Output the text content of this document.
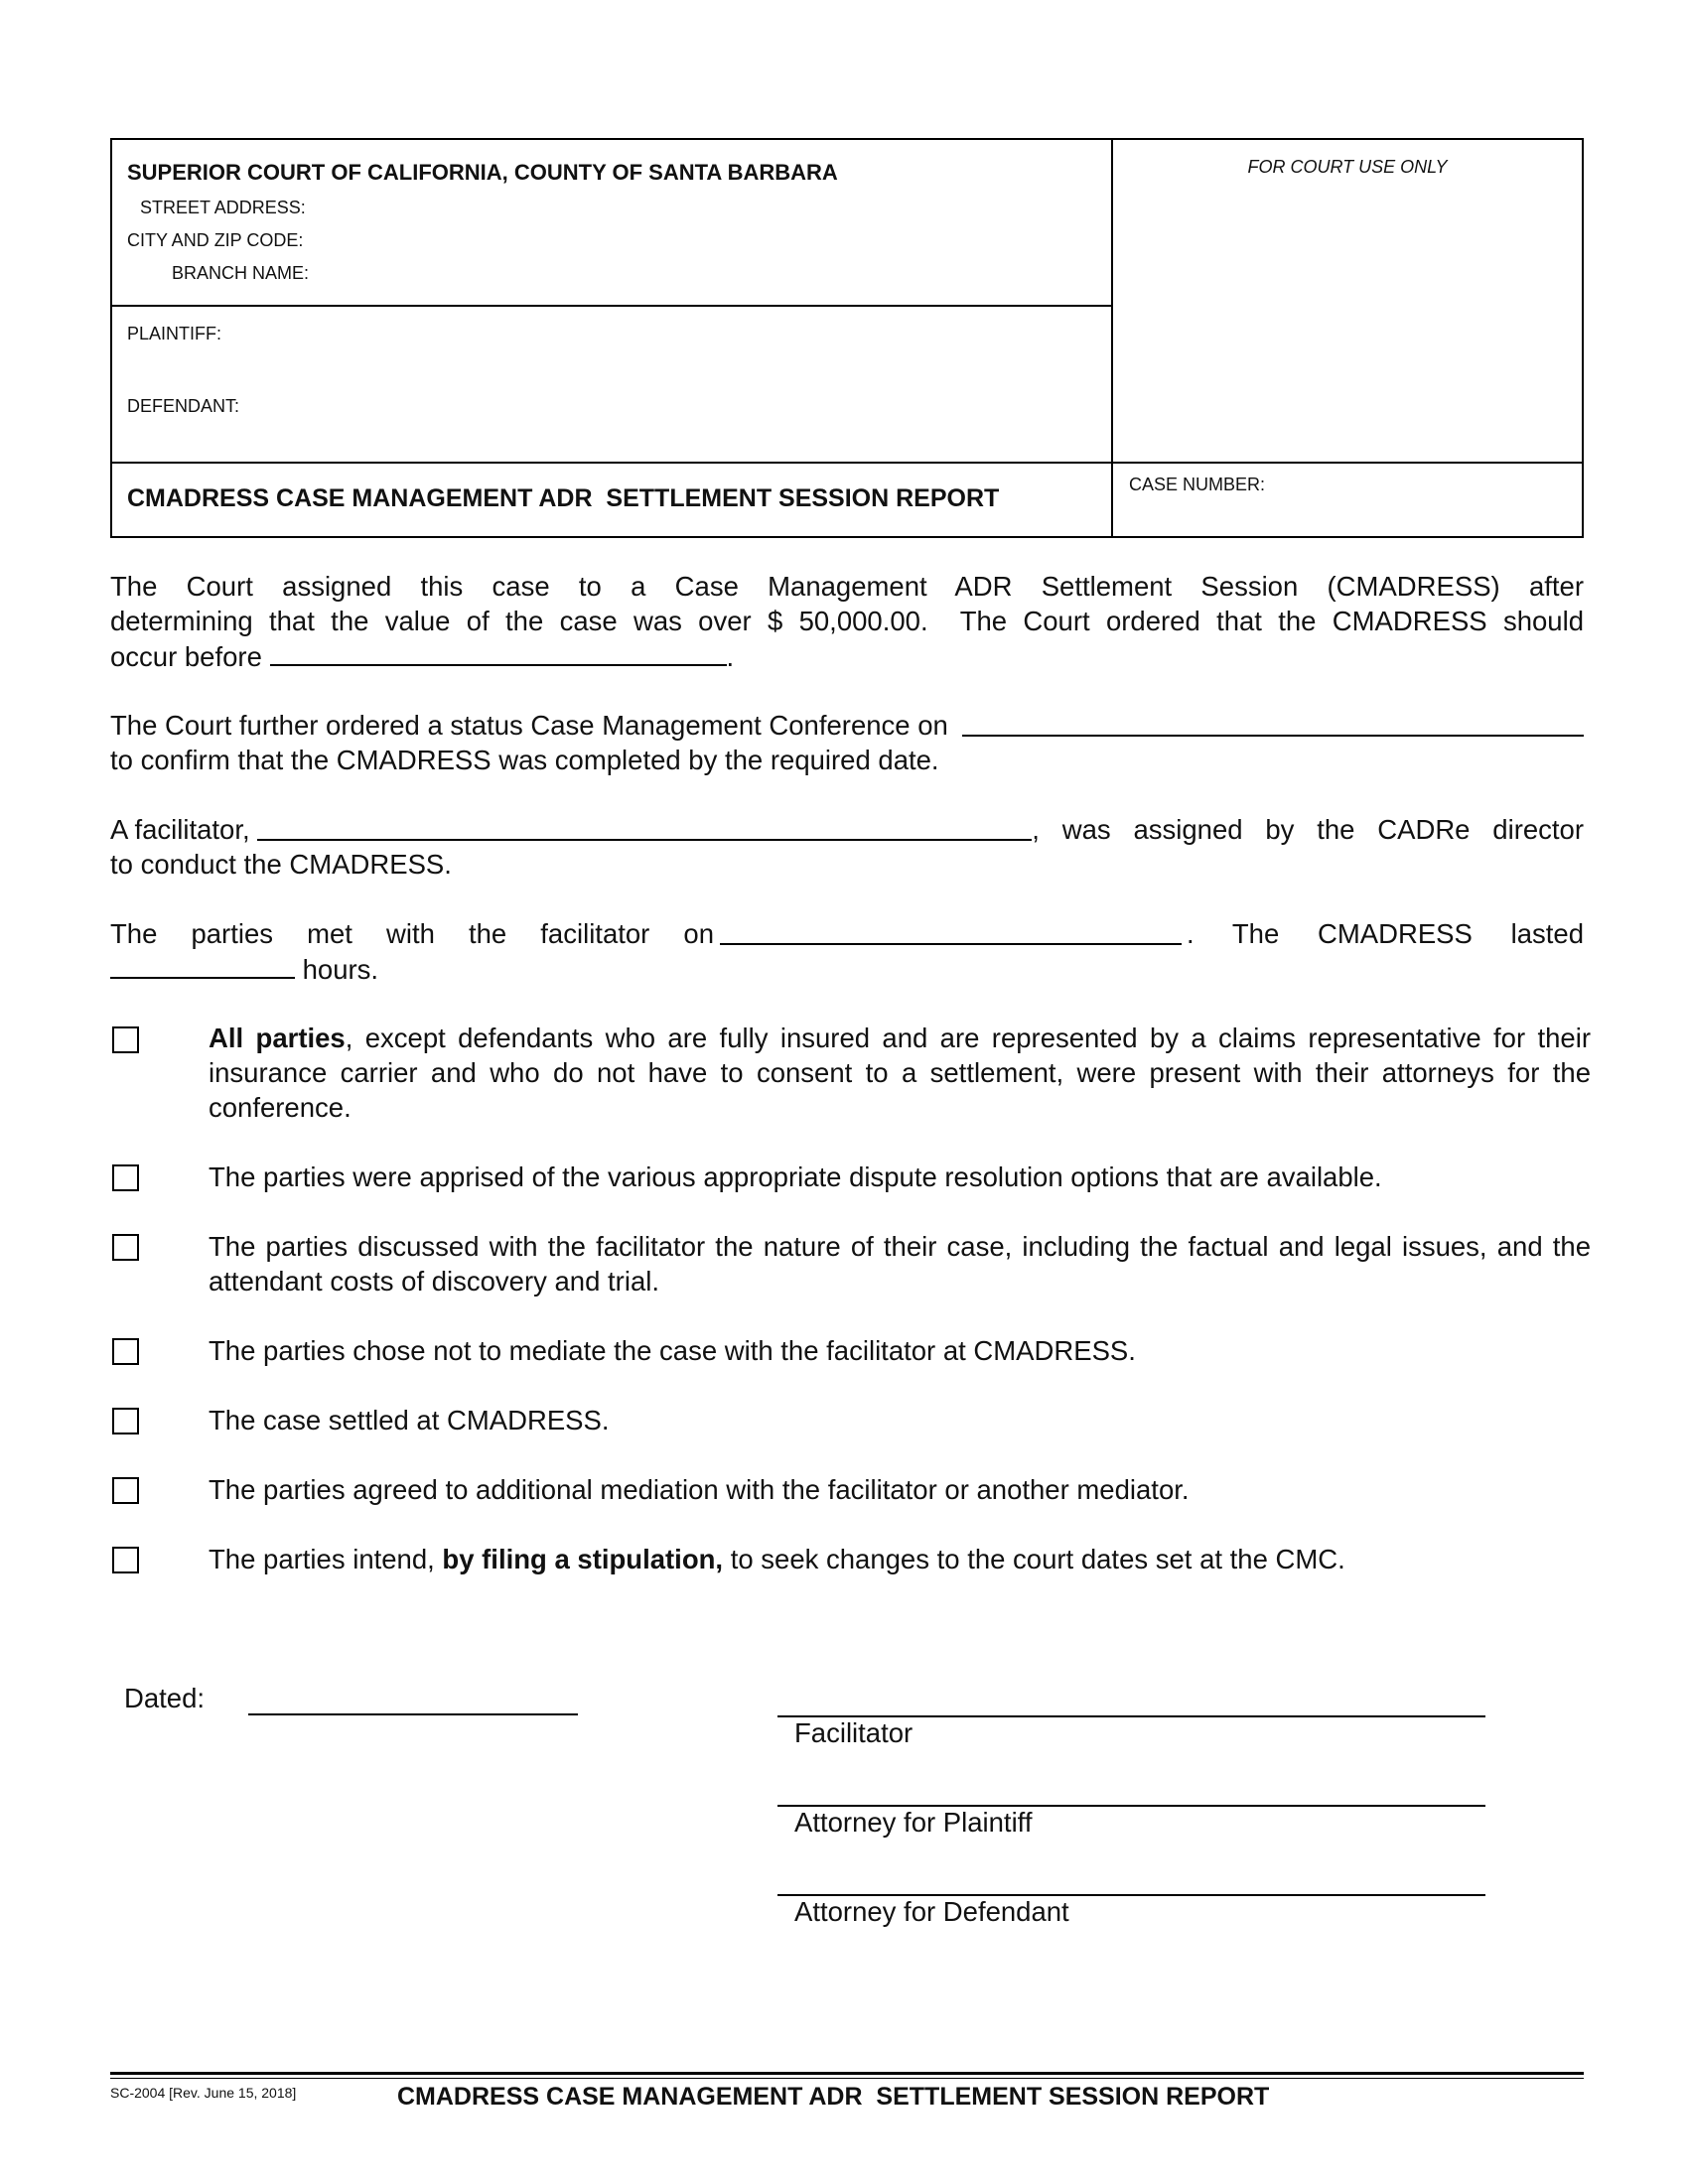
SUPERIOR COURT OF CALIFORNIA, COUNTY OF SANTA BARBARA
STREET ADDRESS:
CITY AND ZIP CODE:
BRANCH NAME:
FOR COURT USE ONLY
PLAINTIFF:
DEFENDANT:
CMADRESS CASE MANAGEMENT ADR  SETTLEMENT SESSION REPORT	CASE NUMBER:
The Court assigned this case to a Case Management ADR Settlement Session (CMADRESS) after
determining that the value of the case was over $ 50,000.00.  The Court ordered that the CMADRESS should
occur before	.
The Court further ordered a status Case Management Conference on
to confirm that the CMADRESS was completed by the required date.
A facilitator,	, was assigned by the CADRe director
to conduct the CMADRESS.
The parties met with the facilitator on	. The CMADRESS lasted
hours.
All parties, except defendants who are fully insured and are represented by a claims representative for their insurance carrier and who do not have to consent to a settlement, were present with their attorneys for the conference.
The parties were apprised of the various appropriate dispute resolution options that are available.
The parties discussed with the facilitator the nature of their case, including the factual and legal issues, and the attendant costs of discovery and trial.
The parties chose not to mediate the case with the facilitator at CMADRESS.
The case settled at CMADRESS.
The parties agreed to additional mediation with the facilitator or another mediator.
The parties intend, by filing a stipulation, to seek changes to the court dates set at the CMC.
Dated:
Facilitator
Attorney for Plaintiff
Attorney for Defendant
SC-2004 [Rev. June 15, 2018]	CMADRESS CASE MANAGEMENT ADR  SETTLEMENT SESSION REPORT
